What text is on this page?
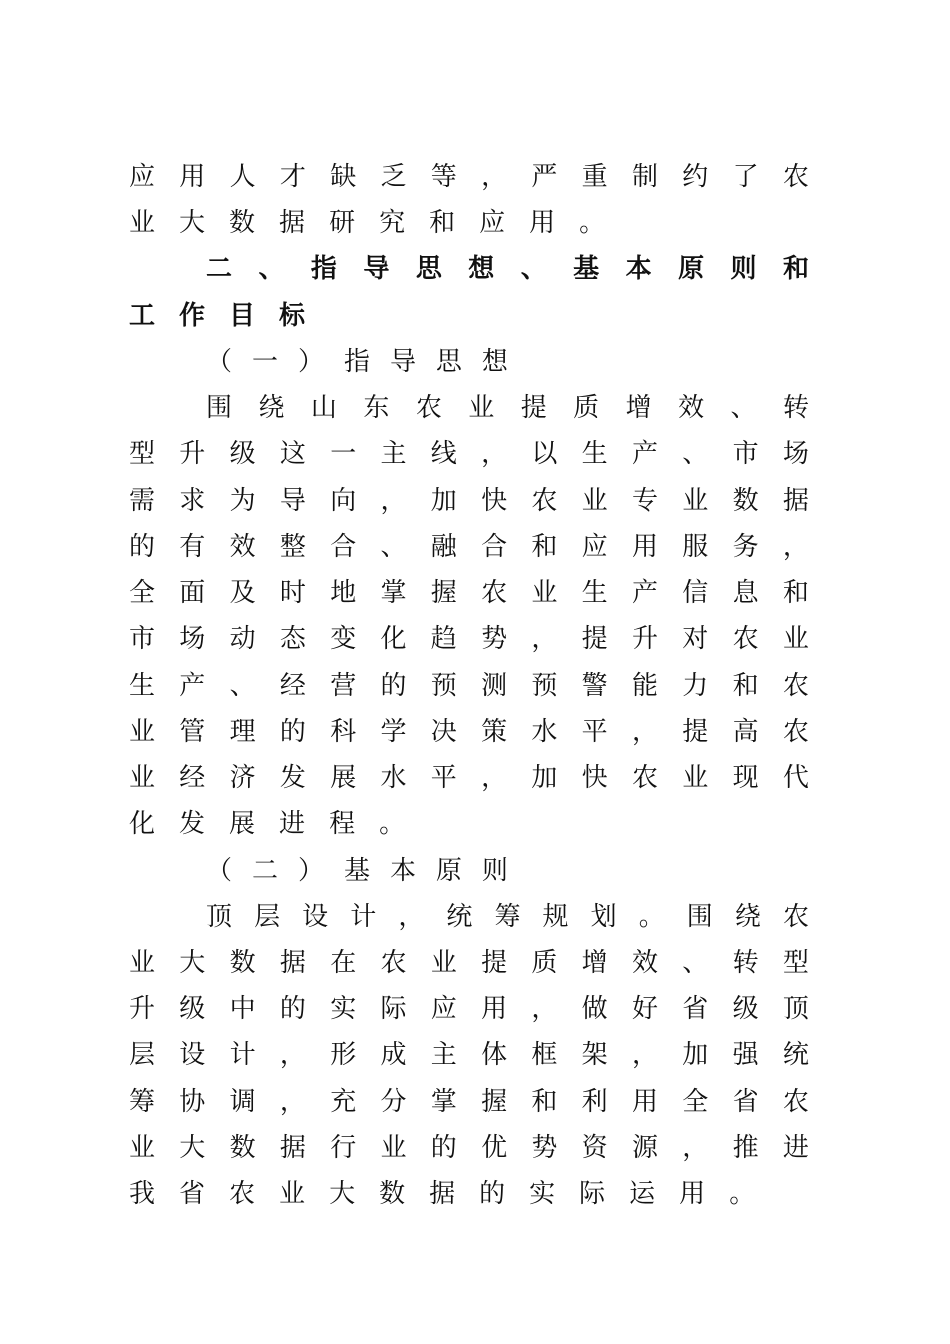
应 用 人 才 缺 乏 等 ， 严 重 制 约 了 农
业 大 数 据 研 究 和 应 用 。
二 、 指 导 思 想 、 基 本 原 则 和
工 作 目 标
（ 一 ） 指 导 思 想
围 绕 山 东 农 业 提 质 增 效 、 转
型 升 级 这 一 主 线 ， 以 生 产 、 市 场
需 求 为 导 向 ， 加 快 农 业 专 业 数 据
的 有 效 整 合 、 融 合 和 应 用 服 务 ，
全 面 及 时 地 掌 握 农 业 生 产 信 息 和
市 场 动 态 变 化 趋 势 ， 提 升 对 农 业
生 产 、 经 营 的 预 测 预 警 能 力 和 农
业 管 理 的 科 学 决 策 水 平 ， 提 高 农
业 经 济 发 展 水 平 ， 加 快 农 业 现 代
化 发 展 进 程 。
（ 二 ） 基 本 原 则
顶 层 设 计 ， 统 筹 规 划 。 围 绕 农
业 大 数 据 在 农 业 提 质 增 效 、 转 型
升 级 中 的 实 际 应 用 ， 做 好 省 级 顶
层 设 计 ， 形 成 主 体 框 架 ， 加 强 统
筹 协 调 ， 充 分 掌 握 和 利 用 全 省 农
业 大 数 据 行 业 的 优 势 资 源 ， 推 进
我 省 农 业 大 数 据 的 实 际 运 用 。
